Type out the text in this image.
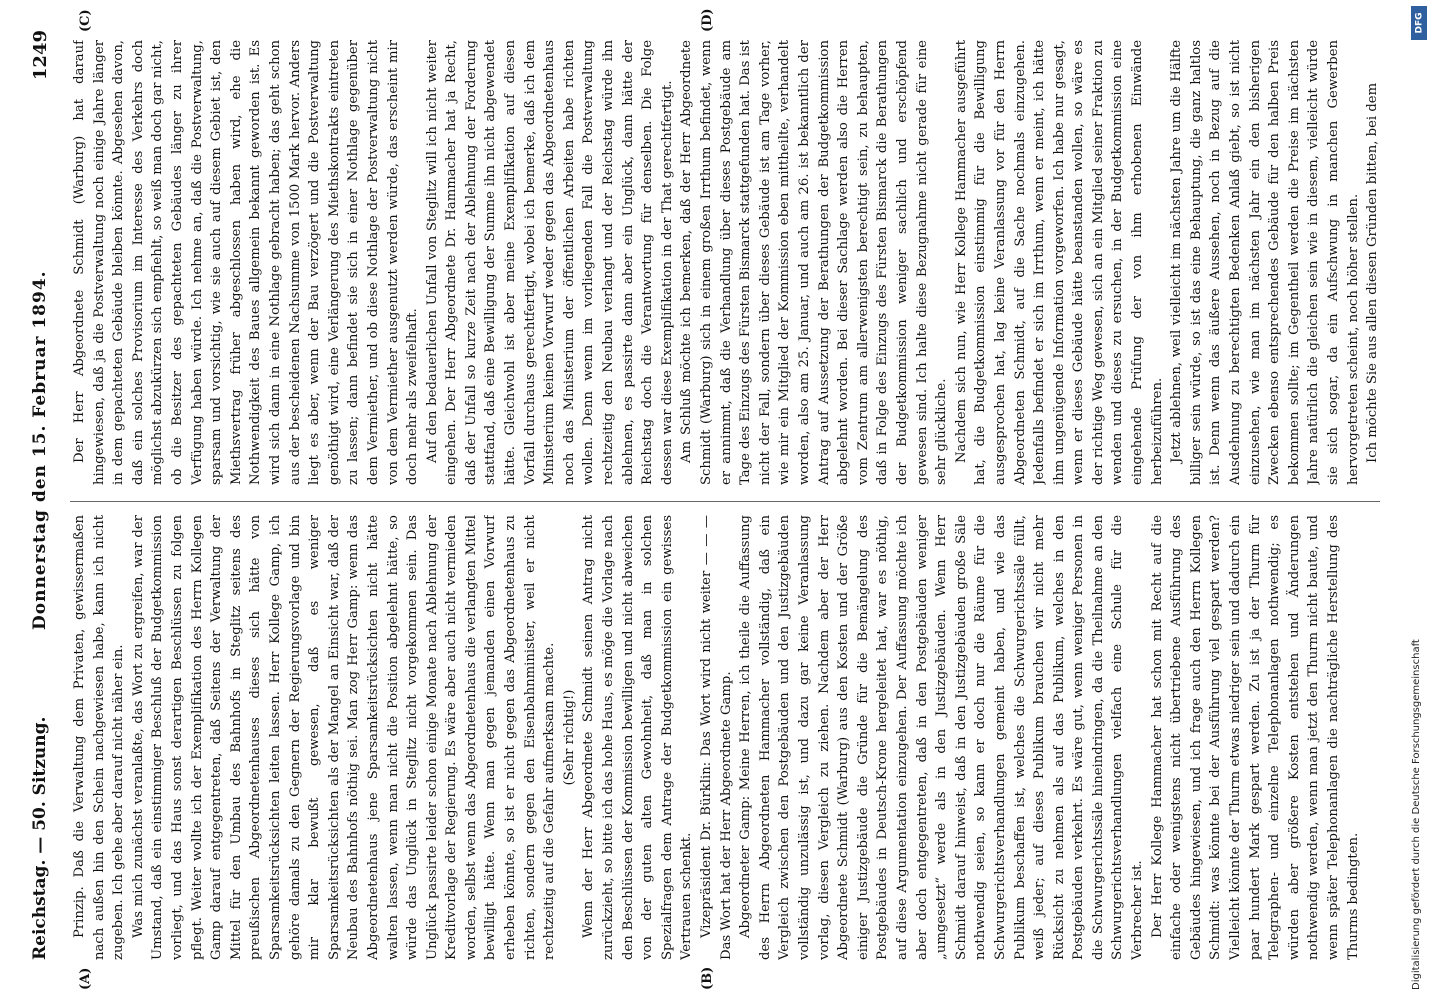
Reichstag. — 50. Sitzung.
Donnerstag den 15. Februar 1894.
1249
(A)	(B)
(C)	(D)

Prinzip. Daß die Verwaltung dem Privaten, gewissermaßen nach außen hin den Schein nachgewiesen habe, kann ich nicht zugeben. Ich gehe aber darauf nicht näher ein. Was mich zunächst veranlaßte, das Wort zu ergreifen, war der Umstand, daß ein einstimmiger Beschluß der Budgetkommission vorliegt, und das Haus sonst derartigen Beschlüssen zu folgen pflegt. Weiter wollte ich der Exemplifikation des Herrn Kollegen Gamp darauf entgegentreten, daß Seitens der Verwaltung der Mittel für den Umbau des Bahnhofs in Steglitz seitens des preußischen Abgeordnetenhauses dieses sich hätte von Sparsamkeitsrücksichten leiten lassen. Herr Kollege Gamp, ich gehöre damals zu den Gegnern der Regierungsvorlage und bin mir klar bewußt gewesen, daß es weniger Sparsamkeitsrücksichten als der Mangel an Einsicht war, daß der Neubau des Bahnhofs nöthig sei. Man zog Herr Gamp: wenn das Abgeordnetenhaus jene Sparsamkeitsrücksichten nicht hätte walten lassen, wenn man nicht die Position abgelehnt hätte, so würde das Unglück in Steglitz nicht vorgekommen sein. Das Unglück passirte leider schon einige Monate nach Ablehnung der Kreditvorlage der Regierung. Es wäre aber auch nicht vermieden worden, selbst wenn das Abgeordnetenhaus die verlangten Mittel bewilligt hätte. Wenn man gegen jemanden einen Vorwurf erheben könnte, so ist er nicht gegen das Abgeordnetenhaus zu richten, sondern gegen den Eisenbahnminister, weil er nicht rechtzeitig auf die Gefahr aufmerksam machte. (Sehr richtig!) Wenn der Herr Abgeordnete Schmidt seinen Antrag nicht zurückzieht, so bitte ich das hohe Haus, es möge die Vorlage nach den Beschlüssen der Kommission bewilligen und nicht abweichen von der guten alten Gewohnheit, daß man in solchen Spezialfragen dem Antrage der Budgetkommission ein gewisses Vertrauen schenkt. Vizepräsident Dr. Bürklin: Das Wort wird nicht weiter — — — Das Wort hat der Herr Abgeordnete Gamp. Abgeordneter Gamp: Meine Herren, ich theile die Auffassung des Herrn Abgeordneten Hammacher vollständig, daß ein Vergleich zwischen den Postgebäuden und den Justizgebäuden vollständig unzulässig ist, und dazu gar keine Veranlassung vorlag, diesen Vergleich zu ziehen. Nachdem aber der Herr Abgeordnete Schmidt (Warburg) aus den Kosten und der Größe einiger Justizgebäude die Gründe für die Bemängelung des Postgebäudes in Deutsch-Krone hergeleitet hat, war es nöthig, auf diese Argumentation einzugehen. Der Auffassung möchte ich aber doch entgegentreten, daß in den Postgebäuden weniger „umgesetzt“ werde als in den Justizgebäuden. Wenn Herr Schmidt darauf hinweist, daß in den Justizgebäuden große Säle nothwendig seien, so kann er doch nur die Räume für die Schwurgerichtsverhandlungen gemeint haben, und wie das Publikum beschaffen ist, welches die Schwurgerichtssäle füllt, weiß jeder; auf dieses Publikum brauchen wir nicht mehr Rücksicht zu nehmen als auf das Publikum, welches in den Postgebäuden verkehrt. Es wäre gut, wenn weniger Personen in die Schwurgerichtssäle hineindringen, da die Theilnahme an den Schwurgerichtsverhandlungen vielfach eine Schule für die Verbrecher ist. Der Herr Kollege Hammacher hat schon mit Recht auf die einfache oder wenigstens nicht übertriebene Ausführung des Gebäudes hingewiesen, und ich frage auch den Herrn Kollegen Schmidt: was könnte bei der Ausführung viel gespart werden? Vielleicht könnte der Thurm etwas niedriger sein und dadurch ein paar hundert Mark gespart werden. Zu ist ja der Thurm für Telegraphen- und einzelne Telephonanlagen nothwendig; es würden aber größere Kosten entstehen und Änderungen nothwendig werden, wenn man jetzt den Thurm nicht baute, und wenn später Telephonanlagen die nachträgliche Herstellung des Thurms bedingten.

Der Herr Abgeordnete Schmidt (Warburg) hat darauf hingewiesen, daß ja die Postverwaltung noch einige Jahre länger in dem gepachteten Gebäude bleiben könnte. Abgesehen davon, daß ein solches Provisorium im Interesse des Verkehrs doch möglichst abzukürzen sich empfiehlt, so weiß man doch gar nicht, ob die Besitzer des gepachteten Gebäudes länger zu ihrer Verfügung haben würde. Ich nehme an, daß die Postverwaltung, sparsam und vorsichtig, wie sie auch auf diesem Gebiet ist, den Miethsvertrag früher abgeschlossen haben wird, ehe die Nothwendigkeit des Baues allgemein bekannt geworden ist. Es wird sich dann in eine Nothlage gebracht haben; das geht schon aus der bescheidenen Nachsumme von 1500 Mark hervor. Anders liegt es aber, wenn der Bau verzögert und die Postverwaltung genöthigt wird, eine Verlängerung des Miethskontrakts eintreten zu lassen; dann befindet sie sich in einer Nothlage gegenüber dem Vermiether, und ob diese Nothlage der Postverwaltung nicht von dem Vermiether ausgenutzt werden würde, das erscheint mir doch mehr als zweifelhaft. Auf den bedauerlichen Unfall von Steglitz will ich nicht weiter eingehen. Der Herr Abgeordnete Dr. Hammacher hat ja Recht, daß der Unfall so kurze Zeit nach der Ablehnung der Forderung stattfand, daß eine Bewilligung der Summe ihn nicht abgewendet hätte. Gleichwohl ist aber meine Exemplifikation auf diesen Vorfall durchaus gerechtfertigt, wobei ich bemerke, daß ich dem Ministerium keinen Vorwurf weder gegen das Abgeordnetenhaus noch das Ministerium der öffentlichen Arbeiten habe richten wollen. Denn wenn im vorliegenden Fall die Postverwaltung rechtzeitig den Neubau verlangt und der Reichstag würde ihn ablehnen, es passirte dann aber ein Unglück, dann hätte der Reichstag doch die Verantwortung für denselben. Die Folge dessen war diese Exemplifikation in der That gerechtfertigt. Am Schluß möchte ich bemerken, daß der Herr Abgeordnete Schmidt (Warburg) sich in einem großen Irrthum befindet, wenn er annimmt, daß die Verhandlung über dieses Postgebäude am Tage des Einzugs des Fürsten Bismarck stattgefunden hat. Das ist nicht der Fall, sondern über dieses Gebäude ist am Tage vorher, wie mir ein Mitglied der Kommission eben mittheilte, verhandelt worden, also am 25. Januar, und auch am 26. ist bekanntlich der Antrag auf Aussetzung der Berathungen der Budgetkommission abgelehnt worden. Bei dieser Sachlage werden also die Herren vom Zentrum am allerwenigsten berechtigt sein, zu behaupten, daß in Folge des Einzugs des Fürsten Bismarck die Berathungen der Budgetkommission weniger sachlich und erschöpfend gewesen sind. Ich halte diese Bezugnahme nicht gerade für eine sehr glückliche. Nachdem sich nun, wie Herr Kollege Hammacher ausgeführt hat, die Budgetkommission einstimmig für die Bewilligung ausgesprochen hat, lag keine Veranlassung vor für den Herrn Abgeordneten Schmidt, auf die Sache nochmals einzugehen. Jedenfalls befindet er sich im Irrthum, wenn er meint, ich hätte ihm ungenügende Information vorgeworfen. Ich habe nur gesagt, wenn er dieses Gebäude hätte beanstanden wollen, so wäre es der richtige Weg gewesen, sich an ein Mitglied seiner Fraktion zu wenden und dieses zu ersuchen, in der Budgetkommission eine eingehende Prüfung der von ihm erhobenen Einwände herbeizuführen. Jetzt ablehnen, weil vielleicht im nächsten Jahre um die Hälfte billiger sein würde, so ist das eine Behauptung, die ganz haltlos ist. Denn wenn das äußere Aussehen, noch in Bezug auf die Ausdehnung zu berechtigten Bedenken Anlaß giebt, so ist nicht einzusehen, wie man im nächsten Jahr ein den bisherigen Zwecken ebenso entsprechendes Gebäude für den halben Preis bekommen sollte; im Gegentheil werden die Preise im nächsten Jahre natürlich die gleichen sein wie in diesem, vielleicht würde sie sich sogar, da ein Aufschwung in manchen Gewerben hervorgetreten scheint, noch höher stellen. Ich möchte Sie aus allen diesen Gründen bitten, bei dem

Digitalisierung gefördert durch die Deutsche Forschungsgemeinschaft
DFG
